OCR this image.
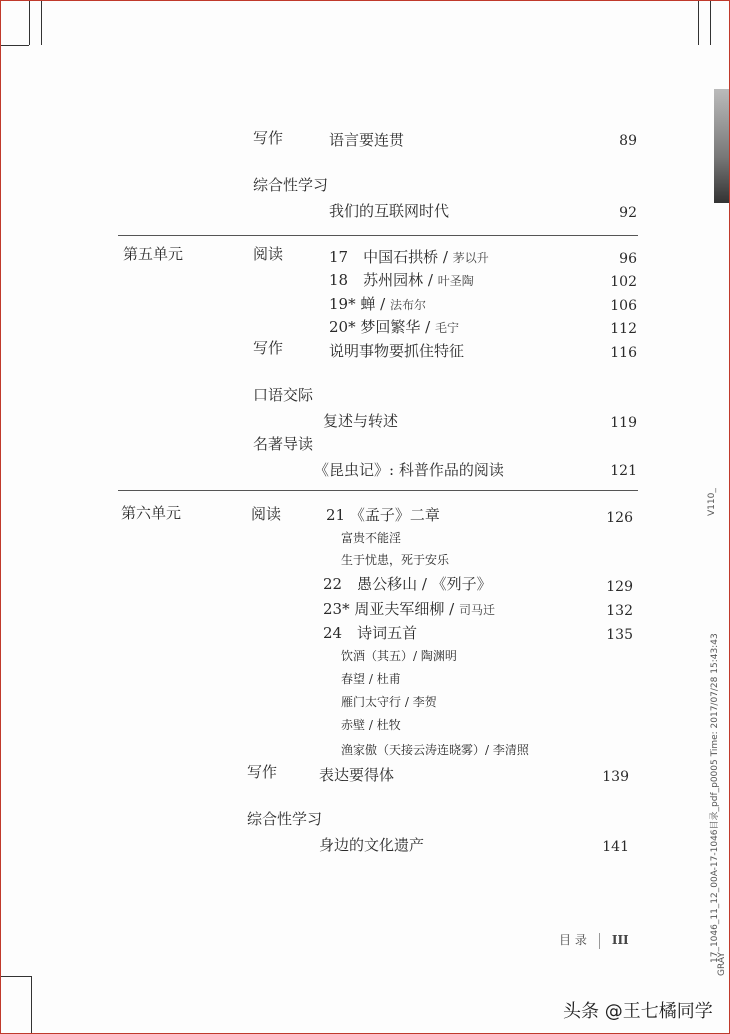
写作	语言要连贯	89
综合性学习
我们的互联网时代	92
第五单元	阅读	17　中国石拱桥 / 茅以升	96
18　苏州园林 / 叶圣陶	102
19* 蝉 / 法布尔	106
20* 梦回繁华 / 毛宁	112
写作	说明事物要抓住特征	116
口语交际
复述与转述	119
名著导读
《昆虫记》: 科普作品的阅读	121
第六单元	阅读	21 《孟子》二章	126
富贵不能淫
生于忧患，死于安乐
22　愚公移山 / 《列子》	129
23* 周亚夫军细柳 / 司马迁	132
24　诗词五首	135
饮酒（其五）/ 陶渊明
春望 / 杜甫
雁门太守行 / 李贺
赤壁 / 杜牧
渔家傲（天接云涛连晓雾）/ 李清照
写作	表达要得体	139
综合性学习
身边的文化遗产	141
目 录 III
V110_
17_1046_11_12_00A-17-1046目录_pdf_p0005 Time: 2017/07/28 15:43:43
GRAY
头条 @王七橘同学
